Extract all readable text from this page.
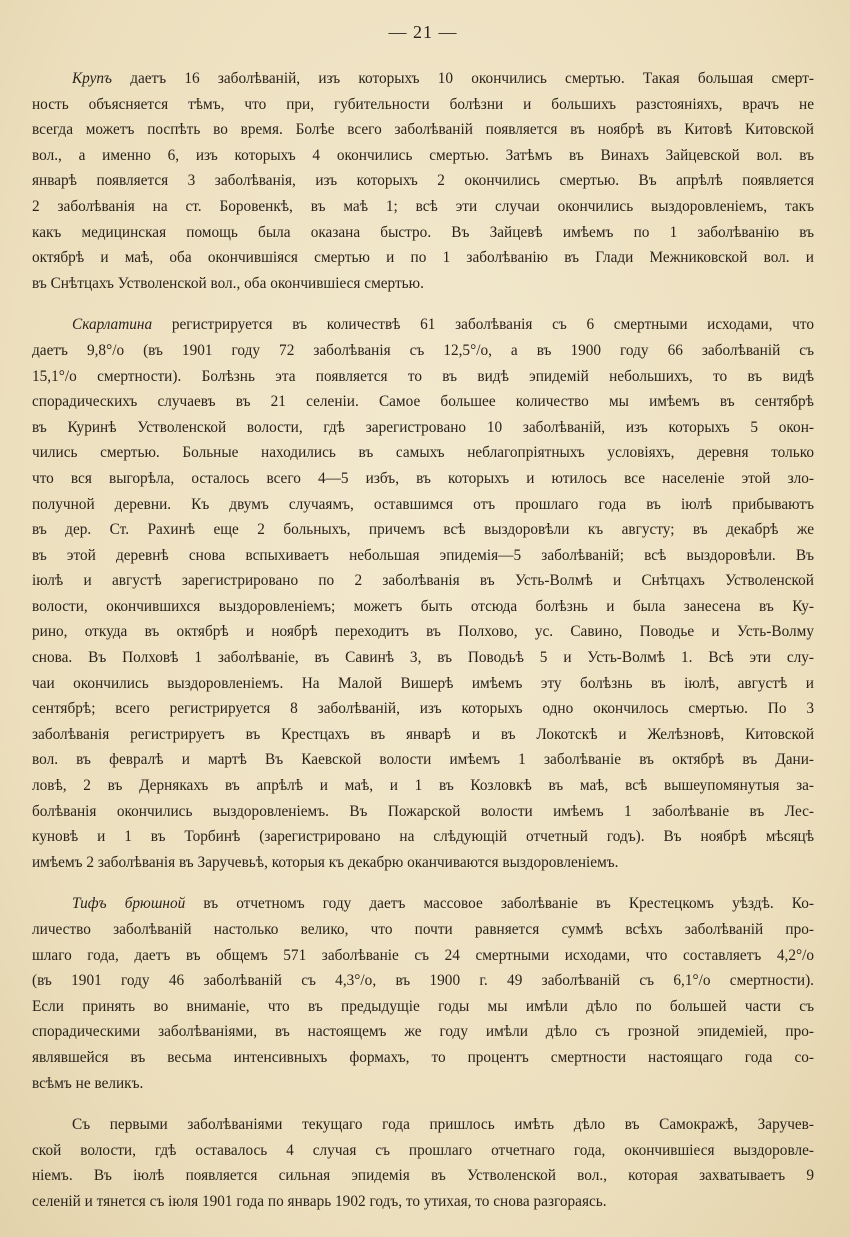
— 21 —

Крупъ даетъ 16 заболѣваній, изъ которыхъ 10 окончились смертью. Такая большая смерт-
ность объясняется тѣмъ, что при, губительности болѣзни и большихъ разстояніяхъ, врачъ не
всегда можетъ поспѣть во время. Болѣе всего заболѣваній появляется въ ноябрѣ въ Китовѣ Китовской
вол., а именно 6, изъ которыхъ 4 окончились смертью. Затѣмъ въ Винахъ Зайцевской вол. въ
январѣ появляется 3 заболѣванія, изъ которыхъ 2 окончились смертью. Въ апрѣлѣ появляется
2 заболѣванія на ст. Боровенкѣ, въ маѣ 1; всѣ эти случаи окончились выздоровленіемъ, такъ
какъ медицинская помощь была оказана быстро. Въ Зайцевѣ имѣемъ по 1 заболѣванію въ
октябрѣ и маѣ, оба окончившіяся смертью и по 1 заболѣванію въ Глади Межниковской вол. и
въ Снѣтцахъ Устволенской вол., оба окончившіеся смертью.

Скарлатина регистрируется въ количествѣ 61 заболѣванія съ 6 смертными исходами, что
даетъ 9,8°/о (въ 1901 году 72 заболѣванія съ 12,5°/о, а въ 1900 году 66 заболѣваній съ
15,1°/о смертности). Болѣзнь эта появляется то въ видѣ эпидемій небольшихъ, то въ видѣ
спорадическихъ случаевъ въ 21 селеніи. Самое большее количество мы имѣемъ въ сентябрѣ
въ Куринѣ Устволенской волости, гдѣ зарегистровано 10 заболѣваній, изъ которыхъ 5 окон-
чились смертью. Больные находились въ самыхъ неблагопріятныхъ условіяхъ, деревня только
что вся выгорѣла, осталось всего 4—5 избъ, въ которыхъ и ютилось все населеніе этой зло-
получной деревни. Къ двумъ случаямъ, оставшимся отъ прошлаго года въ іюлѣ прибываютъ
въ дер. Ст. Рахинѣ еще 2 больныхъ, причемъ всѣ выздоровѣли къ августу; въ декабрѣ же
въ этой деревнѣ снова вспыхиваетъ небольшая эпидемія—5 заболѣваній; всѣ выздоровѣли. Въ
іюлѣ и августѣ зарегистрировано по 2 заболѣванія въ Усть-Волмѣ и Снѣтцахъ Устволенской
волости, окончившихся выздоровленіемъ; можетъ быть отсюда болѣзнь и была занесена въ Ку-
рино, откуда въ октябрѣ и ноябрѣ переходитъ въ Полхово, ус. Савино, Поводье и Усть-Волму
снова. Въ Полховѣ 1 заболѣваніе, въ Савинѣ 3, въ Поводьѣ 5 и Усть-Волмѣ 1. Всѣ эти слу-
чаи окончились выздоровленіемъ. На Малой Вишерѣ имѣемъ эту болѣзнь въ іюлѣ, августѣ и
сентябрѣ; всего регистрируется 8 заболѣваній, изъ которыхъ одно окончилось смертью. По 3
заболѣванія регистрируетъ въ Крестцахъ въ январѣ и въ Локотскѣ и Желѣзновѣ, Китовской
вол. въ февралѣ и мартѣ Въ Каевской волости имѣемъ 1 заболѣваніе въ октябрѣ въ Дани-
ловѣ, 2 въ Дернякахъ въ апрѣлѣ и маѣ, и 1 въ Козловкѣ въ маѣ, всѣ вышеупомянутыя за-
болѣванія окончились выздоровленіемъ. Въ Пожарской волости имѣемъ 1 заболѣваніе въ Лес-
куновѣ и 1 въ Торбинѣ (зарегистрировано на слѣдующій отчетный годъ). Въ ноябрѣ мѣсяцѣ
имѣемъ 2 заболѣванія въ Заручевьѣ, которыя къ декабрю оканчиваются выздоровленіемъ.

Тифъ брюшной въ отчетномъ году даетъ массовое заболѣваніе въ Крестецкомъ уѣздѣ. Ко-
личество заболѣваній настолько велико, что почти равняется суммѣ всѣхъ заболѣваній про-
шлаго года, даетъ въ общемъ 571 заболѣваніе съ 24 смертными исходами, что составляетъ 4,2°/о
(въ 1901 году 46 заболѣваній съ 4,3°/о, въ 1900 г. 49 заболѣваній съ 6,1°/о смертности).
Если принять во вниманіе, что въ предыдущіе годы мы имѣли дѣло по большей части съ
спорадическими заболѣваніями, въ настоящемъ же году имѣли дѣло съ грозной эпидеміей, про-
являвшейся въ весьма интенсивныхъ формахъ, то процентъ смертности настоящаго года со-
всѣмъ не великъ.

Съ первыми заболѣваніями текущаго года пришлось имѣть дѣло въ Самокражѣ, Заручев-
ской волости, гдѣ оставалось 4 случая съ прошлаго отчетнаго года, окончившіеся выздоровле-
ніемъ. Въ іюлѣ появляется сильная эпидемія въ Устволенской вол., которая захватываетъ 9
селеній и тянется съ іюля 1901 года по январь 1902 годъ, то утихая, то снова разгораясь.
